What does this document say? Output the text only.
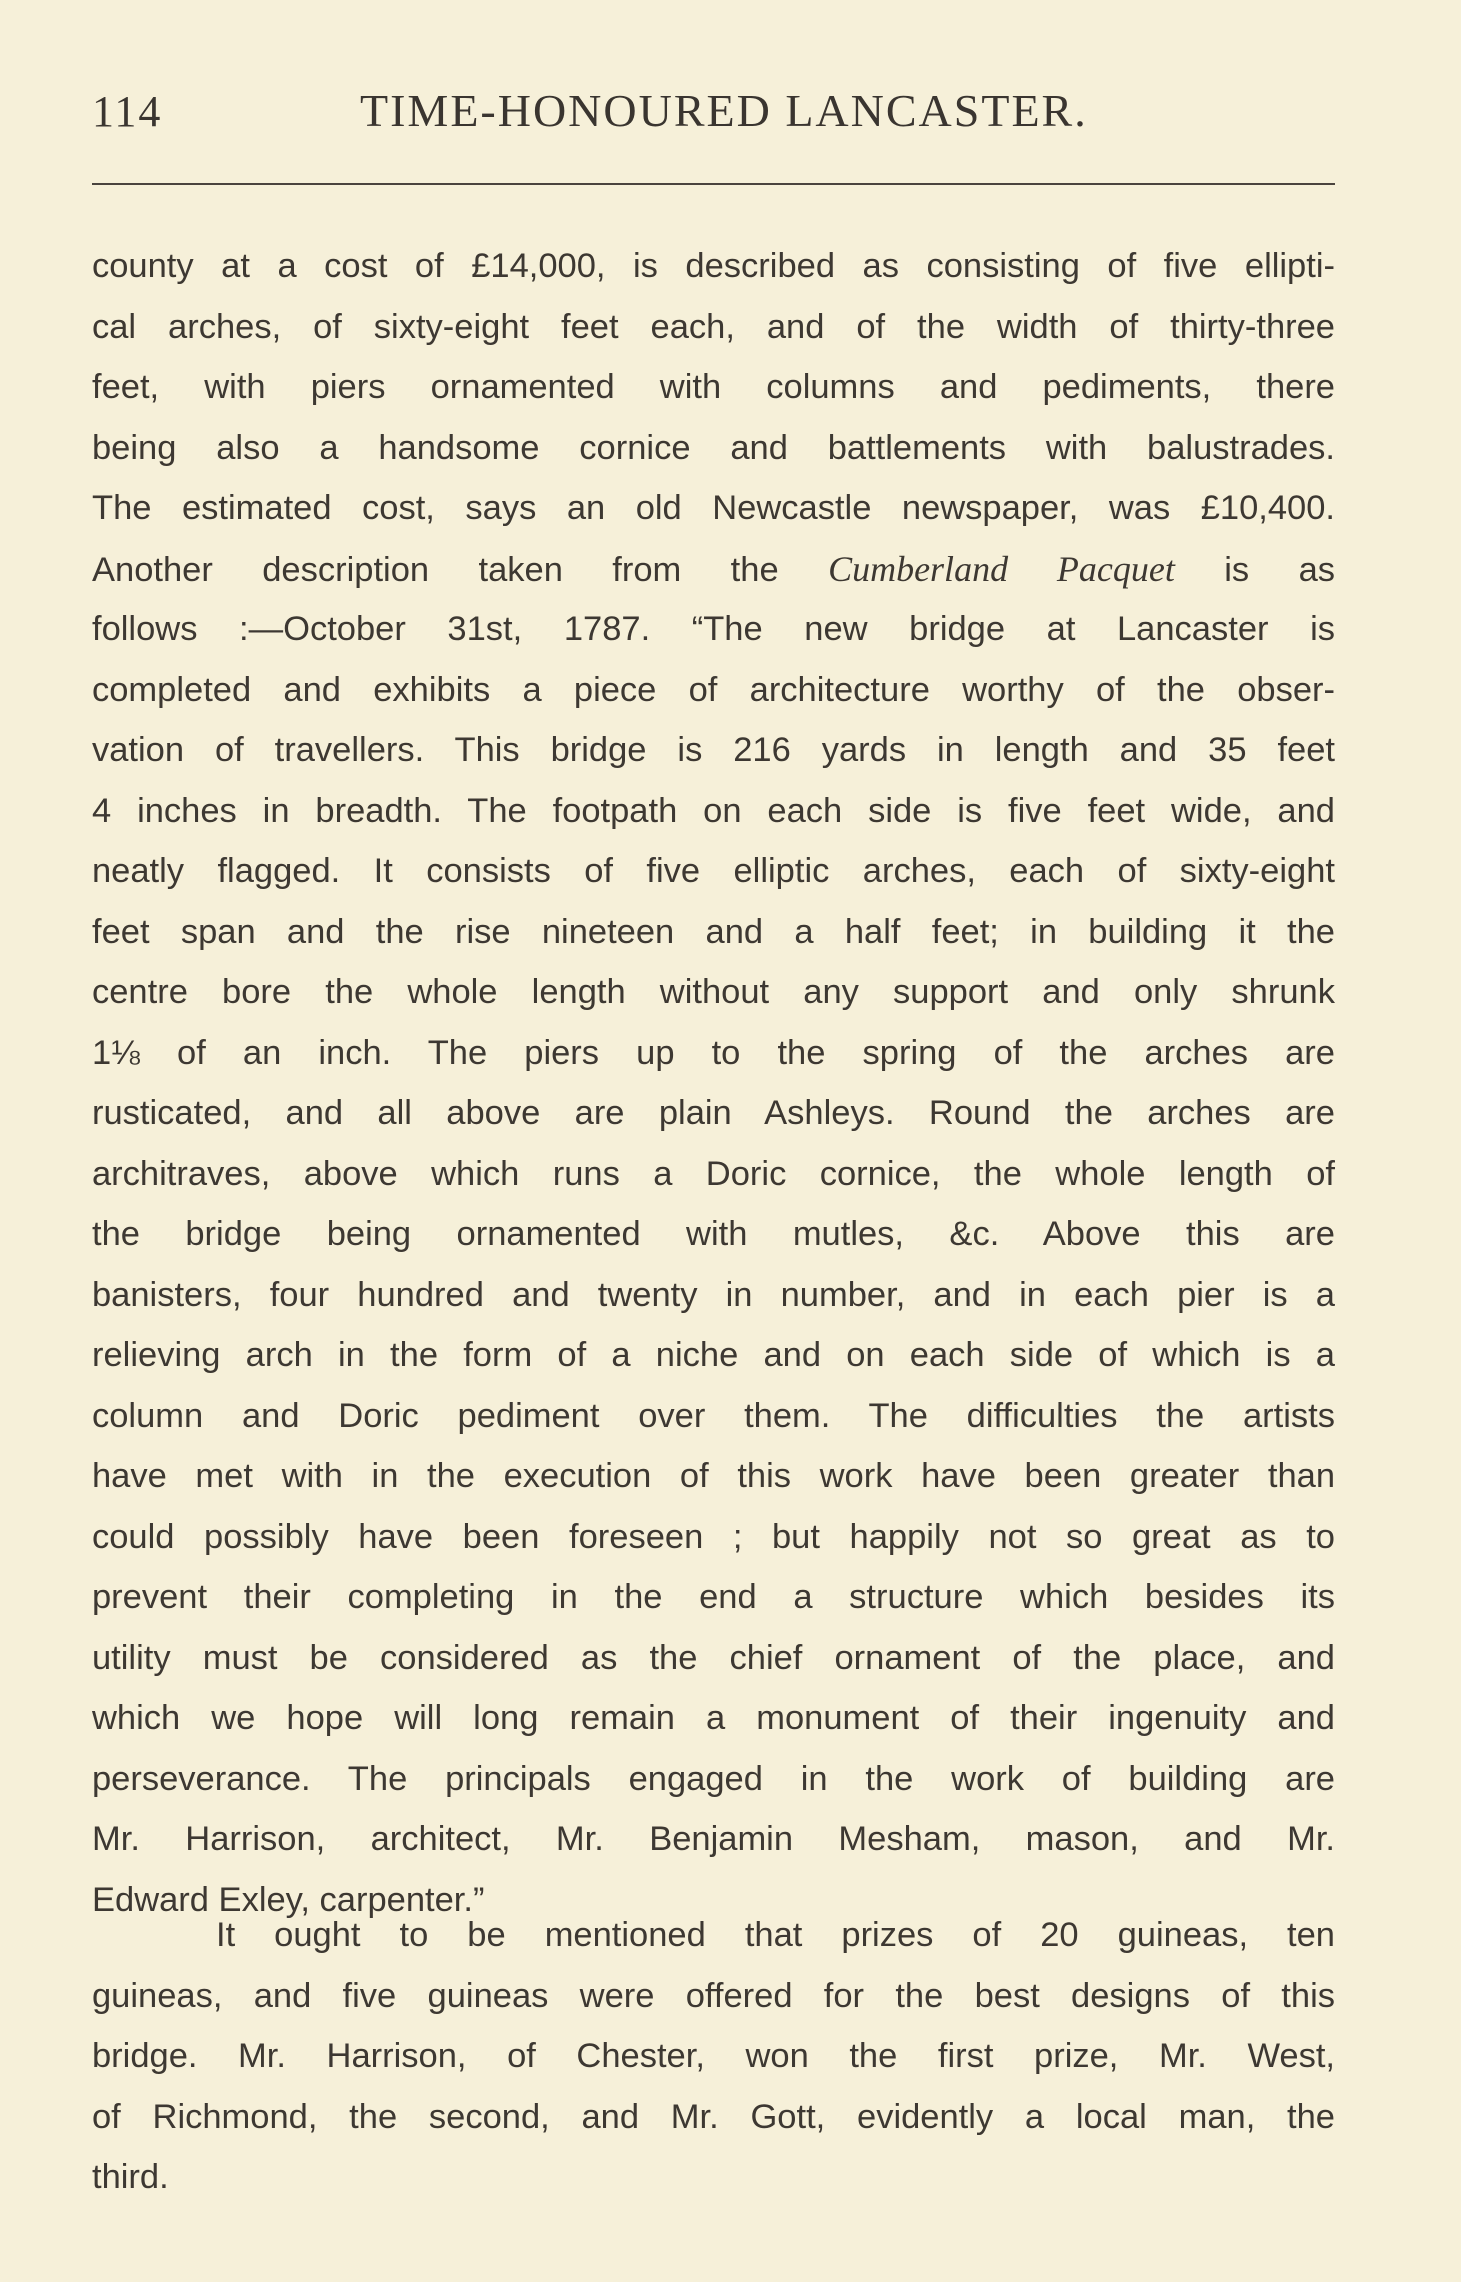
114	TIME-HONOURED LANCASTER.
county at a cost of £14,000, is described as consisting of five ellipti-
cal arches, of sixty-eight feet each, and of the width of thirty-three
feet, with piers ornamented with columns and pediments, there
being also a handsome cornice and battlements with balustrades.
The estimated cost, says an old Newcastle newspaper, was £10,400.
Another description taken from the Cumberland Pacquet is as
follows :—October 31st, 1787. “The new bridge at Lancaster is
completed and exhibits a piece of architecture worthy of the obser-
vation of travellers. This bridge is 216 yards in length and 35 feet
4 inches in breadth. The footpath on each side is five feet wide, and
neatly flagged. It consists of five elliptic arches, each of sixty-eight
feet span and the rise nineteen and a half feet; in building it the
centre bore the whole length without any support and only shrunk
1⅛ of an inch. The piers up to the spring of the arches are
rusticated, and all above are plain Ashleys. Round the arches are
architraves, above which runs a Doric cornice, the whole length of
the bridge being ornamented with mutles, &c. Above this are
banisters, four hundred and twenty in number, and in each pier is a
relieving arch in the form of a niche and on each side of which is a
column and Doric pediment over them. The difficulties the artists
have met with in the execution of this work have been greater than
could possibly have been foreseen ; but happily not so great as to
prevent their completing in the end a structure which besides its
utility must be considered as the chief ornament of the place, and
which we hope will long remain a monument of their ingenuity and
perseverance. The principals engaged in the work of building are
Mr. Harrison, architect, Mr. Benjamin Mesham, mason, and Mr.
Edward Exley, carpenter.”
It ought to be mentioned that prizes of 20 guineas, ten
guineas, and five guineas were offered for the best designs of this
bridge. Mr. Harrison, of Chester, won the first prize, Mr. West,
of Richmond, the second, and Mr. Gott, evidently a local man, the
third.
